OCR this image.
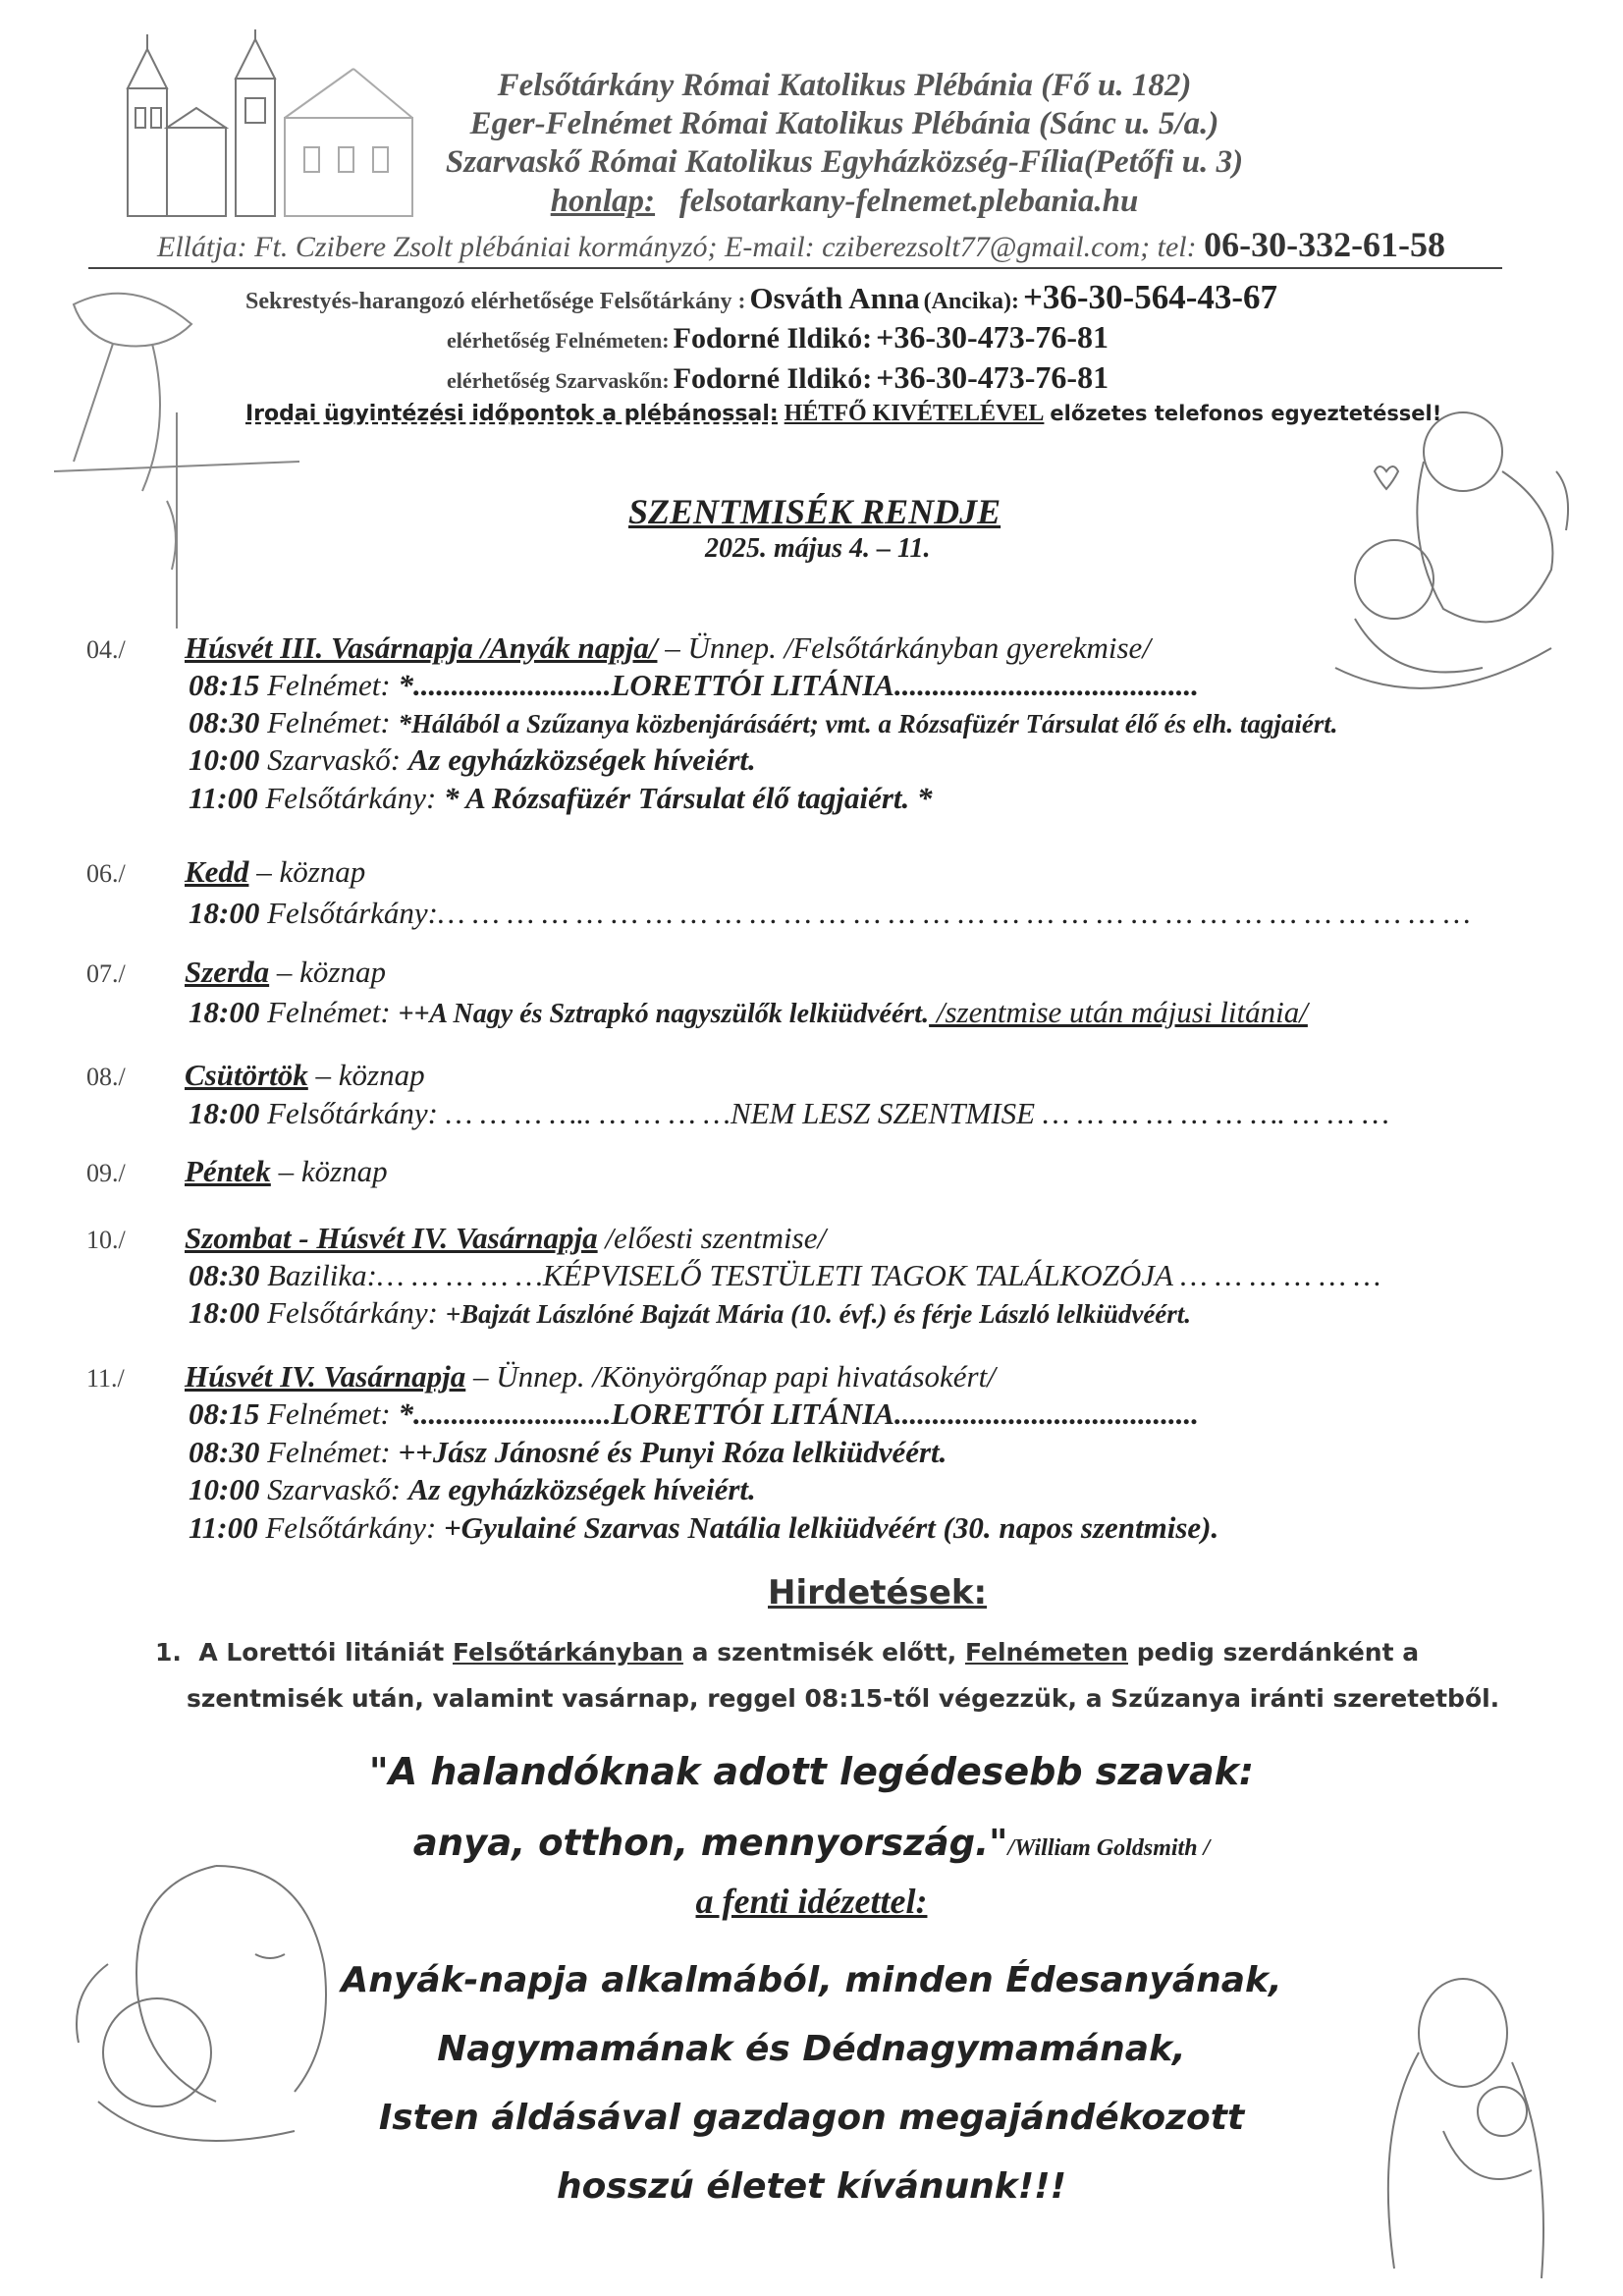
Felsőtárkány Római Katolikus Plébánia (Fő u. 182)
Eger-Felnémet Római Katolikus Plébánia (Sánc u. 5/a.)
Szarvaskő Római Katolikus Egyházközség-Fília(Petőfi u. 3)
honlap: felsotarkany-felnemet.plebania.hu
Ellátja: Ft. Czibere Zsolt plébániai kormányzó; E-mail: cziberezsolt77@gmail.com; tel: 06-30-332-61-58
Sekrestyés-harangozó elérhetősége Felsőtárkány : Osváth Anna (Ancika): +36-30-564-43-67
elérhetőség Felnémeten: Fodorné Ildikó: +36-30-473-76-81
elérhetőség Szarvaskőn: Fodorné Ildikó: +36-30-473-76-81
Irodai ügyintézési időpontok a plébánossal: HÉTFŐ KIVÉTELÉVEL előzetes telefonos egyeztetéssel!
SZENTMISÉK RENDJE
2025. május 4. – 11.
04./ Húsvét III. Vasárnapja /Anyák napja/ – Ünnep. /Felsőtárkányban gyerekmise/
08:15 Felnémet: *..........................LORETTÓI LITÁNIA........................................
08:30 Felnémet: *Hálából a Szűzanya közbenjárásáért; vmt. a Rózsafüzér Társulat élő és elh. tagjaiért.
10:00 Szarvaskő: Az egyházközségek híveiért.
11:00 Felsőtárkány: * A Rózsafüzér Társulat élő tagjaiért. *
06./ Kedd – köznap
18:00 Felsőtárkány:… … … … … … … … … … … … … … … … … … … … … … … … … … … … … …
07./ Szerda – köznap
18:00 Felnémet: ++A Nagy és Sztrapkó nagyszülők lelkiüdvéért. /szentmise után májusi litánia/
08./ Csütörtök – köznap
18:00 Felsőtárkány: … … … ….. … … … …NEM LESZ SZENTMISE … … … … … … …. … … …
09./ Péntek – köznap
10./ Szombat - Húsvét IV. Vasárnapja /előesti szentmise/
08:30 Bazilika:… … … … …KÉPVISELŐ TESTÜLETI TAGOK TALÁLKOZÓJA … … … … … …
18:00 Felsőtárkány: +Bajzát Lászlóné Bajzát Mária (10. évf.) és férje László lelkiüdvéért.
11./ Húsvét IV. Vasárnapja – Ünnep. /Könyörgőnap papi hivatásokért/
08:15 Felnémet: *..........................LORETTÓI LITÁNIA........................................
08:30 Felnémet: ++Jász Jánosné és Punyi Róza lelkiüdvéért.
10:00 Szarvaskő: Az egyházközségek híveiért.
11:00 Felsőtárkány: +Gyulainé Szarvas Natália lelkiüdvéért (30. napos szentmise).
Hirdetések:
1. A Lorettói litániát Felsőtárkányban a szentmisék előtt, Felnémeten pedig szerdánként a
szentmisék után, valamint vasárnap, reggel 08:15-től végezzük, a Szűzanya iránti szeretetből.
"A halandóknak adott legédesebb szavak:
anya, otthon, mennyország."/William Goldsmith /
a fenti idézettel:
Anyák-napja alkalmából, minden Édesanyának,
Nagymamának és Dédnagymamának,
Isten áldásával gazdagon megajándékozott
hosszú életet kívánunk!!!
